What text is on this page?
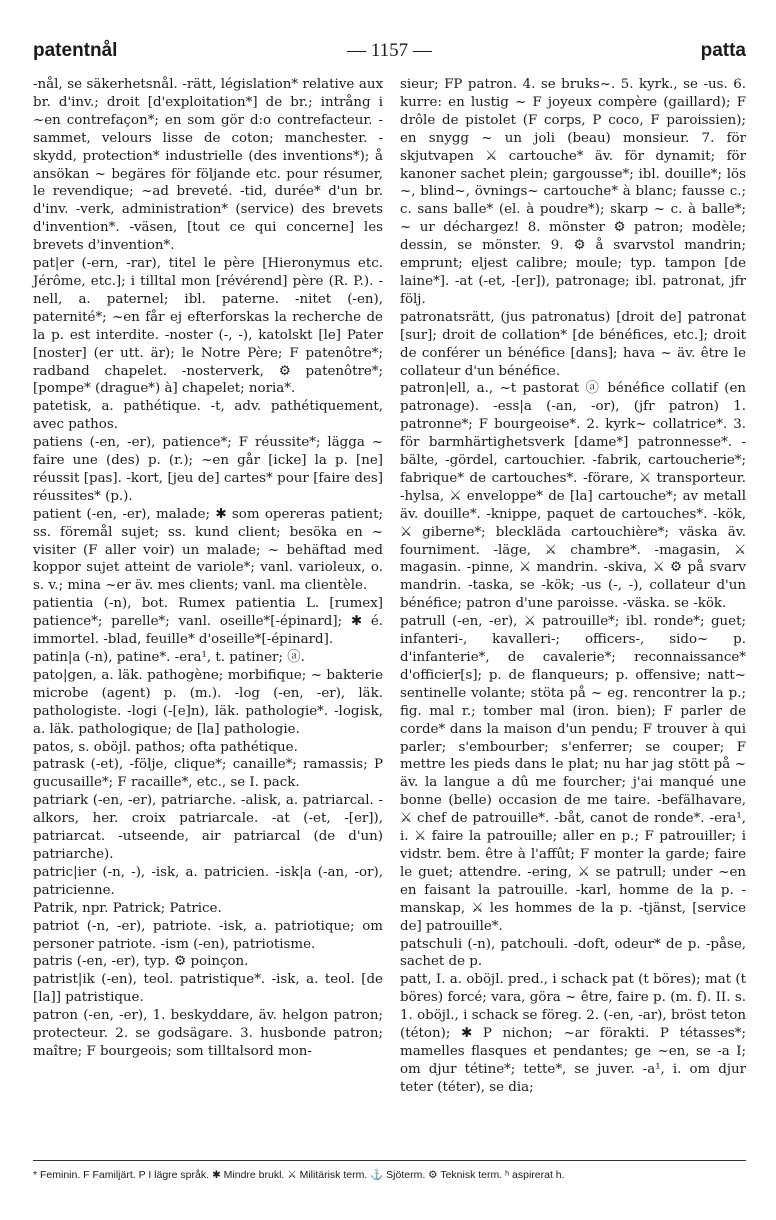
patentnål	— 1157 —	patta

-nål, se säkerhetsnål. -rätt, législation* relative aux br. d'inv.; droit [d'exploitation*] de br.; intrång i ~en contrefaçon*; en som gör d:o contrefacteur. -sammet, velours lisse de coton; manchester. -skydd, protection* industrielle (des inventions*); å ansökan ~ begäres för följande etc. pour résumer, le revendique; ~ad breveté. -tid, durée* d'un br. d'inv. -verk, administration* (service) des brevets d'invention*. -väsen, [tout ce qui concerne] les brevets d'invention*.

pat|er (-ern, -rar), titel le père [Hieronymus etc. Jérôme, etc.]; i tilltal mon [révérend] père (R. P.). -nell, a. paternel; ibl. paterne. -nitet (-en), paternité*; ~en får ej efterforskas la recherche de la p. est interdite. -noster (-, -), katolskt [le] Pater [noster] (er utt. är); le Notre Père; F patenôtre*; radband chapelet. -nosterverk, ⚙ patenôtre*; [pompe* (drague*) à] chapelet; noria*.

patetisk, a. pathétique. -t, adv. pathétiquement, avec pathos.

patiens (-en, -er), patience*; F réussite*; lägga ~ faire une (des) p. (r.); ~en går [icke] la p. [ne] réussit [pas]. -kort, [jeu de] cartes* pour [faire des] réussites* (p.).

patient (-en, -er), malade; ✱ som opereras patient; ss. föremål sujet; ss. kund client; besöka en ~ visiter (F aller voir) un malade; ~ behäftad med koppor sujet atteint de variole*; vanl. varioleux, o. s. v.; mina ~er äv. mes clients; vanl. ma clientèle.

patientia (-n), bot. Rumex patientia L. [rumex] patience*; parelle*; vanl. oseille*[-épinard]; ✱ é. immortel. -blad, feuille* d'oseille*[-épinard].

patin|a (-n), patine*. -era¹, t. patiner; ⓐ.

pato|gen, a. läk. pathogène; morbifique; ~ bakterie microbe (agent) p. (m.). -log (-en, -er), läk. pathologiste. -logi (-[e]n), läk. pathologie*. -logisk, a. läk. pathologique; de [la] pathologie.

patos, s. oböjl. pathos; ofta pathétique.

patrask (-et), -följe, clique*; canaille*; ramassis; P gucusaille*; F racaille*, etc., se I. pack.

patriark (-en, -er), patriarche. -alisk, a. patriarcal. -alkors, her. croix patriarcale. -at (-et, -[er]), patriarcat. -utseende, air patriarcal (de d'un) patriarche).

patric|ier (-n, -), -isk, a. patricien. -isk|a (-an, -or), patricienne.

Patrik, npr. Patrick; Patrice.

patriot (-n, -er), patriote. -isk, a. patriotique; om personer patriote. -ism (-en), patriotisme.

patris (-en, -er), typ. ⚙ poinçon.

patrist|ik (-en), teol. patristique*. -isk, a. teol. [de [la]] patristique.

patron (-en, -er), 1. beskyddare, äv. helgon patron; protecteur. 2. se godsägare. 3. husbonde patron; maître; F bourgeois; som tilltalsord mon-

sieur; FP patron. 4. se bruks~. 5. kyrk., se -us. 6. kurre: en lustig ~ F joyeux compère (gaillard); F drôle de pistolet (F corps, P coco, F paroissien); en snygg ~ un joli (beau) monsieur. 7. för skjutvapen ⚔ cartouche* äv. för dynamit; för kanoner sachet plein; gargousse*; ibl. douille*; lös ~, blind~, övnings~ cartouche* à blanc; fausse c.; c. sans balle* (el. à poudre*); skarp ~ c. à balle*; ~ ur déchargez! 8. mönster ⚙ patron; modèle; dessin, se mönster. 9. ⚙ å svarvstol mandrin; emprunt; eljest calibre; moule; typ. tampon [de laine*]. -at (-et, -[er]), patronage; ibl. patronat, jfr följ.

patronatsrätt, (jus patronatus) [droit de] patronat [sur]; droit de collation* [de bénéfices, etc.]; droit de conférer un bénéfice [dans]; hava ~ äv. être le collateur d'un bénéfice.

patron|ell, a., ~t pastorat ⓐ bénéfice collatif (en patronage). -ess|a (-an, -or), (jfr patron) 1. patronne*; F bourgeoise*. 2. kyrk~ collatrice*. 3. för barmhärtighetsverk [dame*] patronnesse*. -bälte, -gördel, cartouchier. -fabrik, cartoucherie*; fabrique* de cartouches*. -förare, ⚔ transporteur. -hylsa, ⚔ enveloppe* de [la] cartouche*; av metall äv. douille*. -knippe, paquet de cartouches*. -kök, ⚔ giberne*; bleckläda cartouchière*; väska äv. fourniment. -läge, ⚔ chambre*. -magasin, ⚔ magasin. -pinne, ⚔ mandrin. -skiva, ⚔ ⚙ på svarv mandrin. -taska, se -kök; -us (-, -), collateur d'un bénéfice; patron d'une paroisse. -väska. se -kök.

patrull (-en, -er), ⚔ patrouille*; ibl. ronde*; guet; infanteri-, kavalleri-; officers-, sido~ p. d'infanterie*, de cavalerie*; reconnaissance* d'officier[s]; p. de flanqueurs; p. offensive; natt~ sentinelle volante; stöta på ~ eg. rencontrer la p.; fig. mal r.; tomber mal (iron. bien); F parler de corde* dans la maison d'un pendu; F trouver à qui parler; s'embourber; s'enferrer; se couper; F mettre les pieds dans le plat; nu har jag stött på ~ äv. la langue a dû me fourcher; j'ai manqué une bonne (belle) occasion de me taire. -befälhavare, ⚔ chef de patrouille*. -båt, canot de ronde*. -era¹, i. ⚔ faire la patrouille; aller en p.; F patrouiller; i vidstr. bem. être à l'affût; F monter la garde; faire le guet; attendre. -ering, ⚔ se patrull; under ~en en faisant la patrouille. -karl, homme de la p. -manskap, ⚔ les hommes de la p. -tjänst, [service de] patrouille*.

patschuli (-n), patchouli. -doft, odeur* de p. -påse, sachet de p.

patt, I. a. oböjl. pred., i schack pat (t böres); mat (t böres) forcé; vara, göra ~ être, faire p. (m. f). II. s. 1. oböjl., i schack se föreg. 2. (-en, -ar), bröst teton (téton); ✱ P nichon; ~ar förakti. P tétasses*; mamelles flasques et pendantes; ge ~en, se -a I; om djur tétine*; tette*, se juver. -a¹, i. om djur teter (téter), se dia;

* Feminin. F Familjärt. P I lägre språk. ✱ Mindre brukl. ⚔ Militärisk term. ⚓ Sjöterm. ⚙ Teknisk term. ʰ aspirerat h.
